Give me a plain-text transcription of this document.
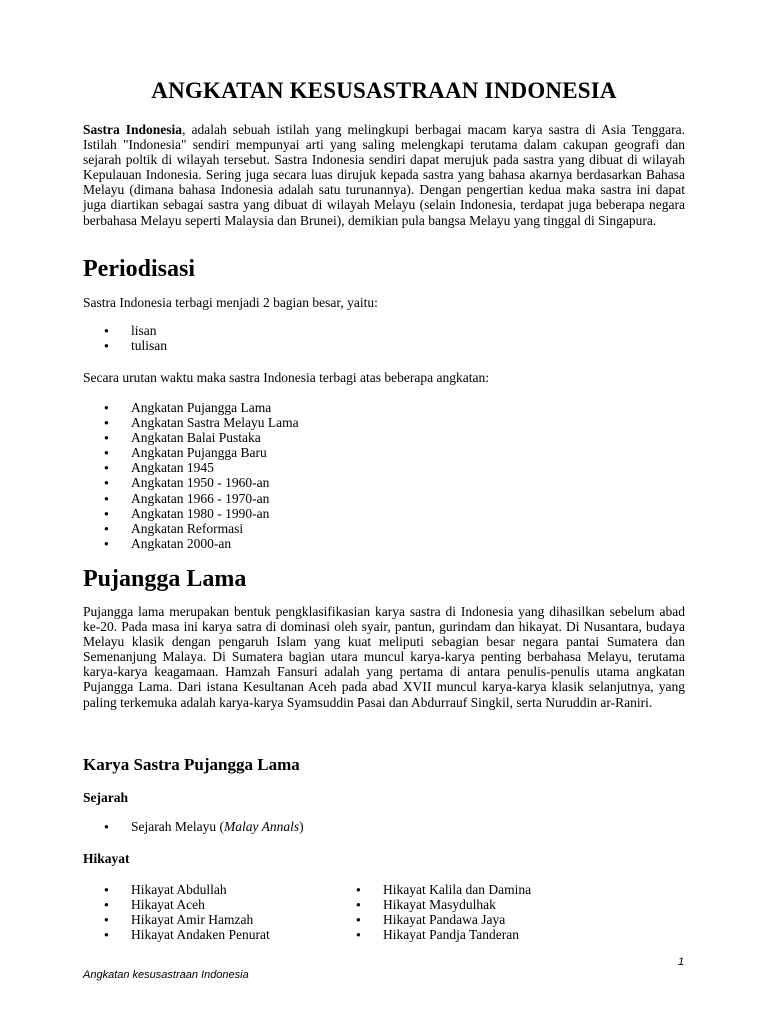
ANGKATAN KESUSASTRAAN INDONESIA

Sastra Indonesia, adalah sebuah istilah yang melingkupi berbagai macam karya sastra di Asia Tenggara. Istilah "Indonesia" sendiri mempunyai arti yang saling melengkapi terutama dalam cakupan geografi dan sejarah poltik di wilayah tersebut. Sastra Indonesia sendiri dapat merujuk pada sastra yang dibuat di wilayah Kepulauan Indonesia. Sering juga secara luas dirujuk kepada sastra yang bahasa akarnya berdasarkan Bahasa Melayu (dimana bahasa Indonesia adalah satu turunannya). Dengan pengertian kedua maka sastra ini dapat juga diartikan sebagai sastra yang dibuat di wilayah Melayu (selain Indonesia, terdapat juga beberapa negara berbahasa Melayu seperti Malaysia dan Brunei), demikian pula bangsa Melayu yang tinggal di Singapura.

Periodisasi

Sastra Indonesia terbagi menjadi 2 bagian besar, yaitu:

● lisan
● tulisan

Secara urutan waktu maka sastra Indonesia terbagi atas beberapa angkatan:

● Angkatan Pujangga Lama
● Angkatan Sastra Melayu Lama
● Angkatan Balai Pustaka
● Angkatan Pujangga Baru
● Angkatan 1945
● Angkatan 1950 - 1960-an
● Angkatan 1966 - 1970-an
● Angkatan 1980 - 1990-an
● Angkatan Reformasi
● Angkatan 2000-an
Pujangga Lama

Pujangga lama merupakan bentuk pengklasifikasian karya sastra di Indonesia yang dihasilkan sebelum abad ke-20. Pada masa ini karya satra di dominasi oleh syair, pantun, gurindam dan hikayat. Di Nusantara, budaya Melayu klasik dengan pengaruh Islam yang kuat meliputi sebagian besar negara pantai Sumatera dan Semenanjung Malaya. Di Sumatera bagian utara muncul karya-karya penting berbahasa Melayu, terutama karya-karya keagamaan. Hamzah Fansuri adalah yang pertama di antara penulis-penulis utama angkatan Pujangga Lama. Dari istana Kesultanan Aceh pada abad XVII muncul karya-karya klasik selanjutnya, yang paling terkemuka adalah karya-karya Syamsuddin Pasai dan Abdurrauf Singkil, serta Nuruddin ar-Raniri.

Karya Sastra Pujangga Lama
Sejarah
● Sejarah Melayu (Malay Annals)
Hikayat
● Hikayat Abdullah
● Hikayat Aceh
● Hikayat Amir Hamzah
● Hikayat Andaken Penurat
● Hikayat Kalila dan Damina
● Hikayat Masydulhak
● Hikayat Pandawa Jaya
● Hikayat Pandja Tanderan
1
Angkatan kesusastraan Indonesia
